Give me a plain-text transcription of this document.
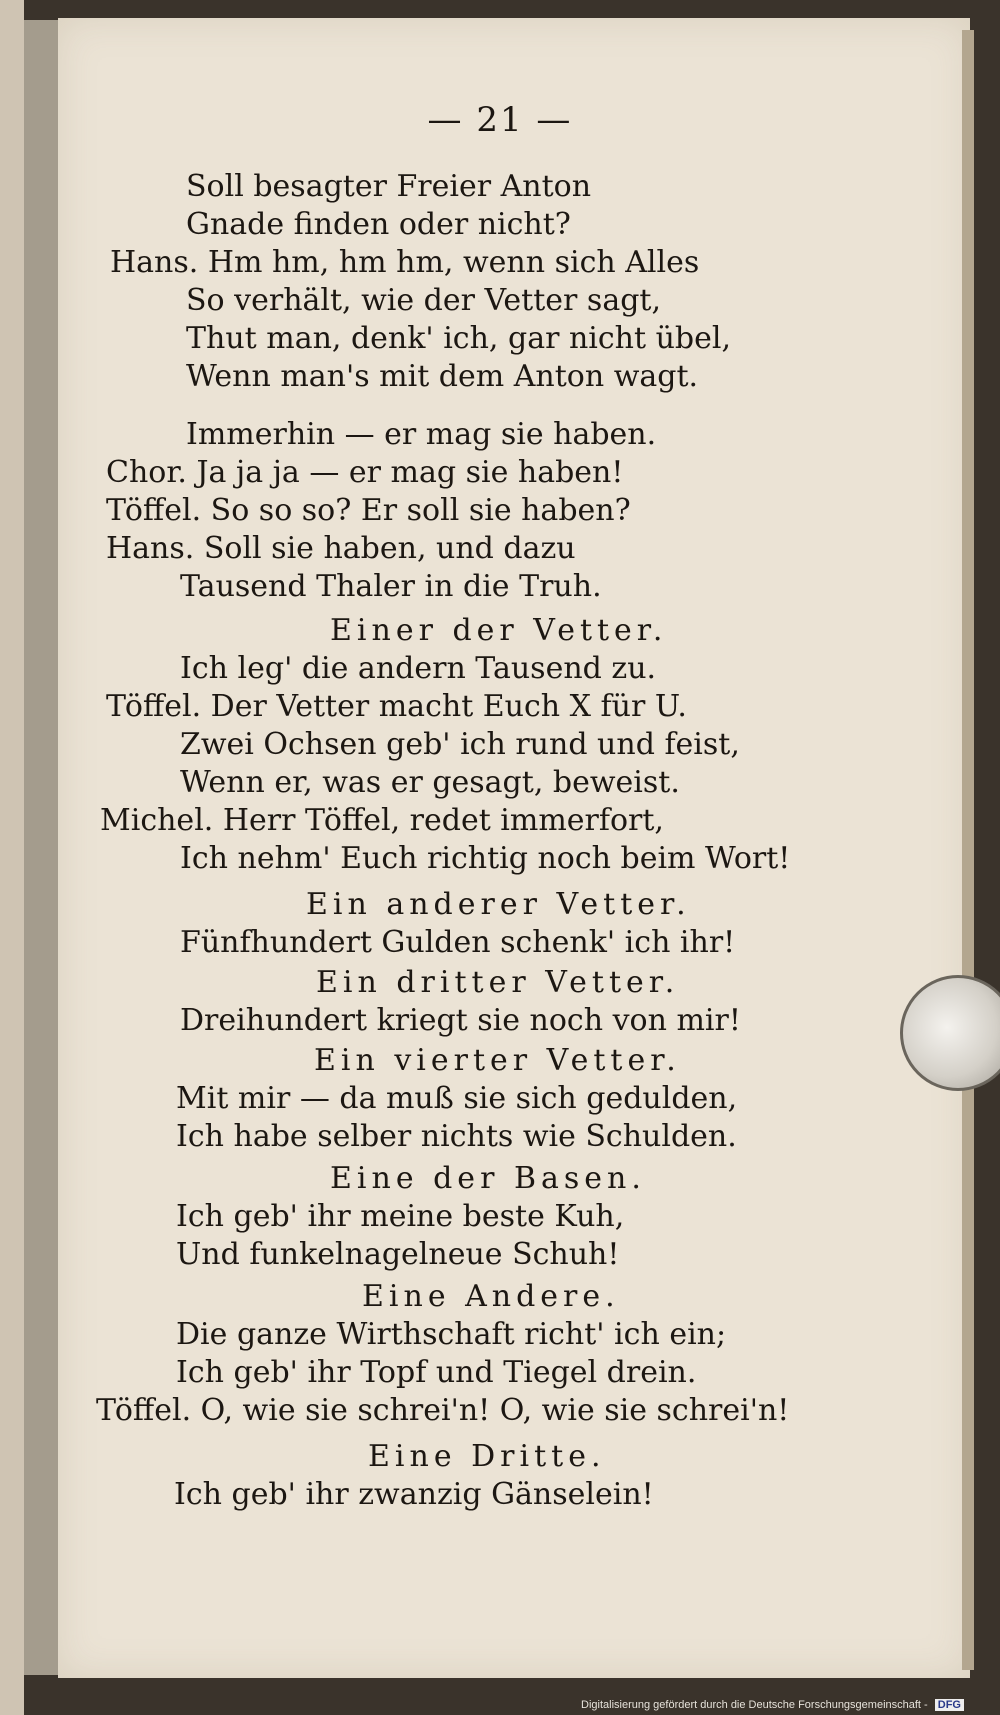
— 21 —
Soll besagter Freier Anton
Gnade finden oder nicht?
Hans. Hm hm, hm hm, wenn sich Alles
So verhält, wie der Vetter sagt,
Thut man, denk' ich, gar nicht übel,
Wenn man's mit dem Anton wagt.
Immerhin — er mag sie haben.
Chor. Ja ja ja — er mag sie haben!
Töffel. So so so? Er soll sie haben?
Hans. Soll sie haben, und dazu
Tausend Thaler in die Truh.
Einer der Vetter.
Ich leg' die andern Tausend zu.
Töffel. Der Vetter macht Euch X für U.
Zwei Ochsen geb' ich rund und feist,
Wenn er, was er gesagt, beweist.
Michel. Herr Töffel, redet immerfort,
Ich nehm' Euch richtig noch beim Wort!
Ein anderer Vetter.
Fünfhundert Gulden schenk' ich ihr!
Ein dritter Vetter.
Dreihundert kriegt sie noch von mir!
Ein vierter Vetter.
Mit mir — da muß sie sich gedulden,
Ich habe selber nichts wie Schulden.
Eine der Basen.
Ich geb' ihr meine beste Kuh,
Und funkelnagelneue Schuh!
Eine Andere.
Die ganze Wirthschaft richt' ich ein;
Ich geb' ihr Topf und Tiegel drein.
Töffel. O, wie sie schrei'n! O, wie sie schrei'n!
Eine Dritte.
Ich geb' ihr zwanzig Gänselein!
Digitalisierung gefördert durch die Deutsche Forschungsgemeinschaft - DFG
